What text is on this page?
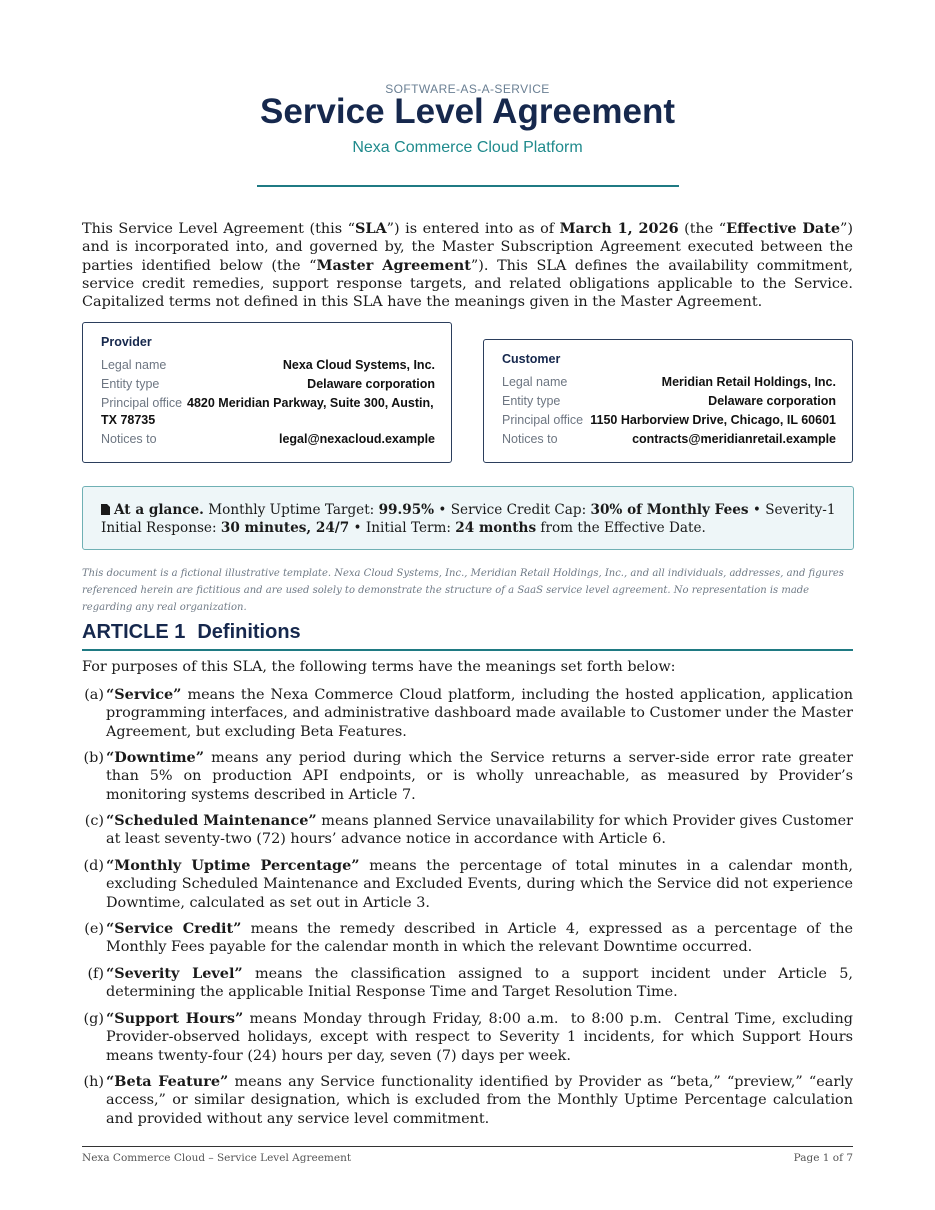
SOFTWARE-AS-A-SERVICE
Service Level Agreement
Nexa Commerce Cloud Platform
This Service Level Agreement (this “SLA”) is entered into as of March 1, 2026 (the “Effective Date”) and is incorporated into, and governed by, the Master Subscription Agreement executed between the parties identified below (the “Master Agreement”). This SLA defines the availability commitment, service credit remedies, support response targets, and related obligations applicable to the Service. Capitalized terms not defined in this SLA have the meanings given in the Master Agreement.
Provider
Legal name	Nexa Cloud Systems, Inc.
Entity type	Delaware corporation
Principal office 4820 Meridian Parkway, Suite 300, Austin, TX 78735
Notices to	legal@nexacloud.example
Customer
Legal name	Meridian Retail Holdings, Inc.
Entity type	Delaware corporation
Principal office 1150 Harborview Drive, Chicago, IL 60601
Notices to	contracts@meridianretail.example
At a glance. Monthly Uptime Target: 99.95% • Service Credit Cap: 30% of Monthly Fees • Severity-1 Initial Response: 30 minutes, 24/7 • Initial Term: 24 months from the Effective Date.
This document is a fictional illustrative template. Nexa Cloud Systems, Inc., Meridian Retail Holdings, Inc., and all individuals, addresses, and figures referenced herein are fictitious and are used solely to demonstrate the structure of a SaaS service level agreement. No representation is made regarding any real organization.
ARTICLE 1 Definitions
For purposes of this SLA, the following terms have the meanings set forth below:
(a) “Service” means the Nexa Commerce Cloud platform, including the hosted application, application programming interfaces, and administrative dashboard made available to Customer under the Master Agreement, but excluding Beta Features.
(b) “Downtime” means any period during which the Service returns a server-side error rate greater than 5% on production API endpoints, or is wholly unreachable, as measured by Provider’s monitoring systems described in Article 7.
(c) “Scheduled Maintenance” means planned Service unavailability for which Provider gives Customer at least seventy-two (72) hours’ advance notice in accordance with Article 6.
(d) “Monthly Uptime Percentage” means the percentage of total minutes in a calendar month, excluding Scheduled Maintenance and Excluded Events, during which the Service did not experience Downtime, calculated as set out in Article 3.
(e) “Service Credit” means the remedy described in Article 4, expressed as a percentage of the Monthly Fees payable for the calendar month in which the relevant Downtime occurred.
(f) “Severity Level” means the classification assigned to a support incident under Article 5, determining the applicable Initial Response Time and Target Resolution Time.
(g) “Support Hours” means Monday through Friday, 8:00 a.m.  to 8:00 p.m.  Central Time, excluding Provider-observed holidays, except with respect to Severity 1 incidents, for which Support Hours means twenty-four (24) hours per day, seven (7) days per week.
(h) “Beta Feature” means any Service functionality identified by Provider as “beta,” “preview,” “early access,” or similar designation, which is excluded from the Monthly Uptime Percentage calculation and provided without any service level commitment.
Nexa Commerce Cloud – Service Level Agreement	Page 1 of 7
